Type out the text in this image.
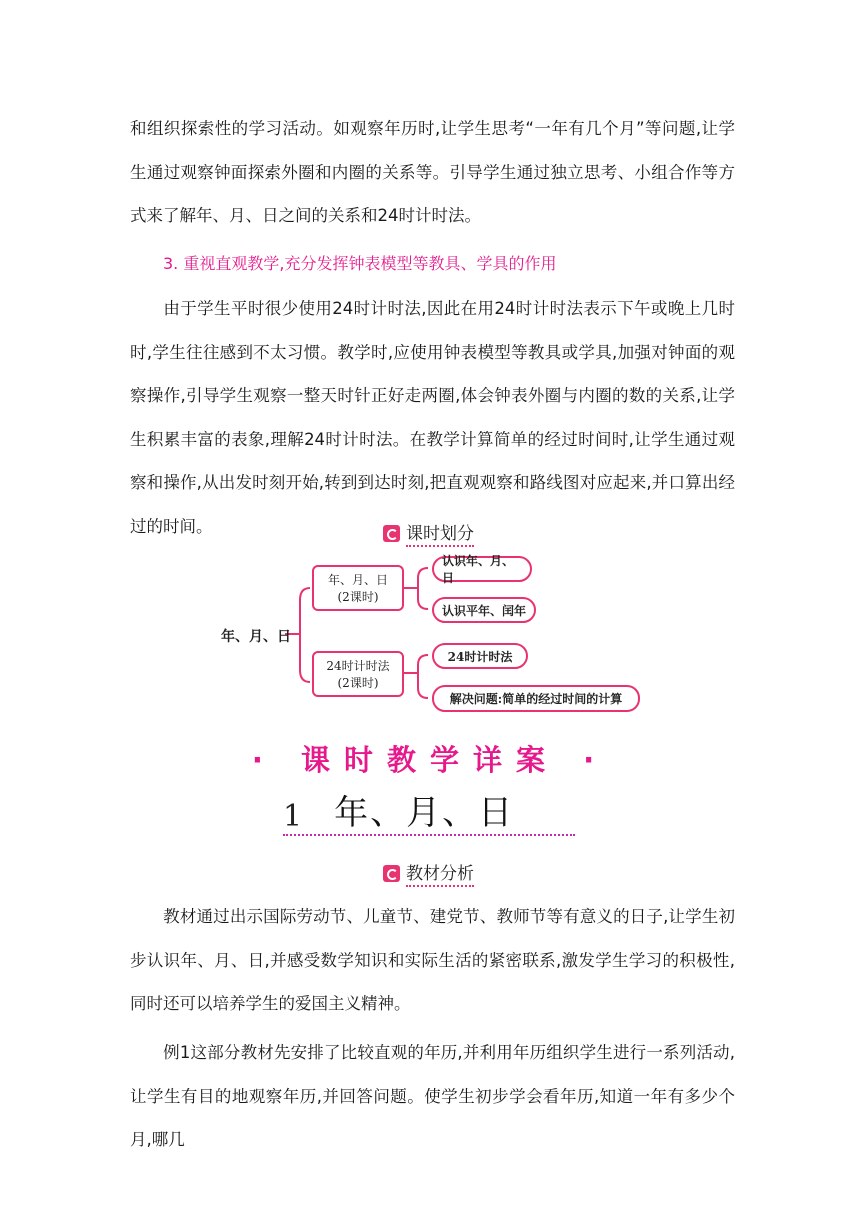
和组织探索性的学习活动。如观察年历时,让学生思考“一年有几个月”等问题,让学生通过观察钟面探索外圈和内圈的关系等。引导学生通过独立思考、小组合作等方式来了解年、月、日之间的关系和24时计时法。

3. 重视直观教学,充分发挥钟表模型等教具、学具的作用

由于学生平时很少使用24时计时法,因此在用24时计时法表示下午或晚上几时时,学生往往感到不太习惯。教学时,应使用钟表模型等教具或学具,加强对钟面的观察操作,引导学生观察一整天时针正好走两圈,体会钟表外圈与内圈的数的关系,让学生积累丰富的表象,理解24时计时法。在教学计算简单的经过时间时,让学生通过观察和操作,从出发时刻开始,转到到达时刻,把直观观察和路线图对应起来,并口算出经过的时间。	课时划分
年、月、日
年、月、日
(2课时)
24时计时法
(2课时)
认识年、月、日
认识平年、闰年
24时计时法
解决问题:简单的经过时间的计算
· 课时教学详案 ·
1 年、月、日
教材分析

教材通过出示国际劳动节、儿童节、建党节、教师节等有意义的日子,让学生初步认识年、月、日,并感受数学知识和实际生活的紧密联系,激发学生学习的积极性,同时还可以培养学生的爱国主义精神。

例1这部分教材先安排了比较直观的年历,并利用年历组织学生进行一系列活动,让学生有目的地观察年历,并回答问题。使学生初步学会看年历,知道一年有多少个月,哪几
